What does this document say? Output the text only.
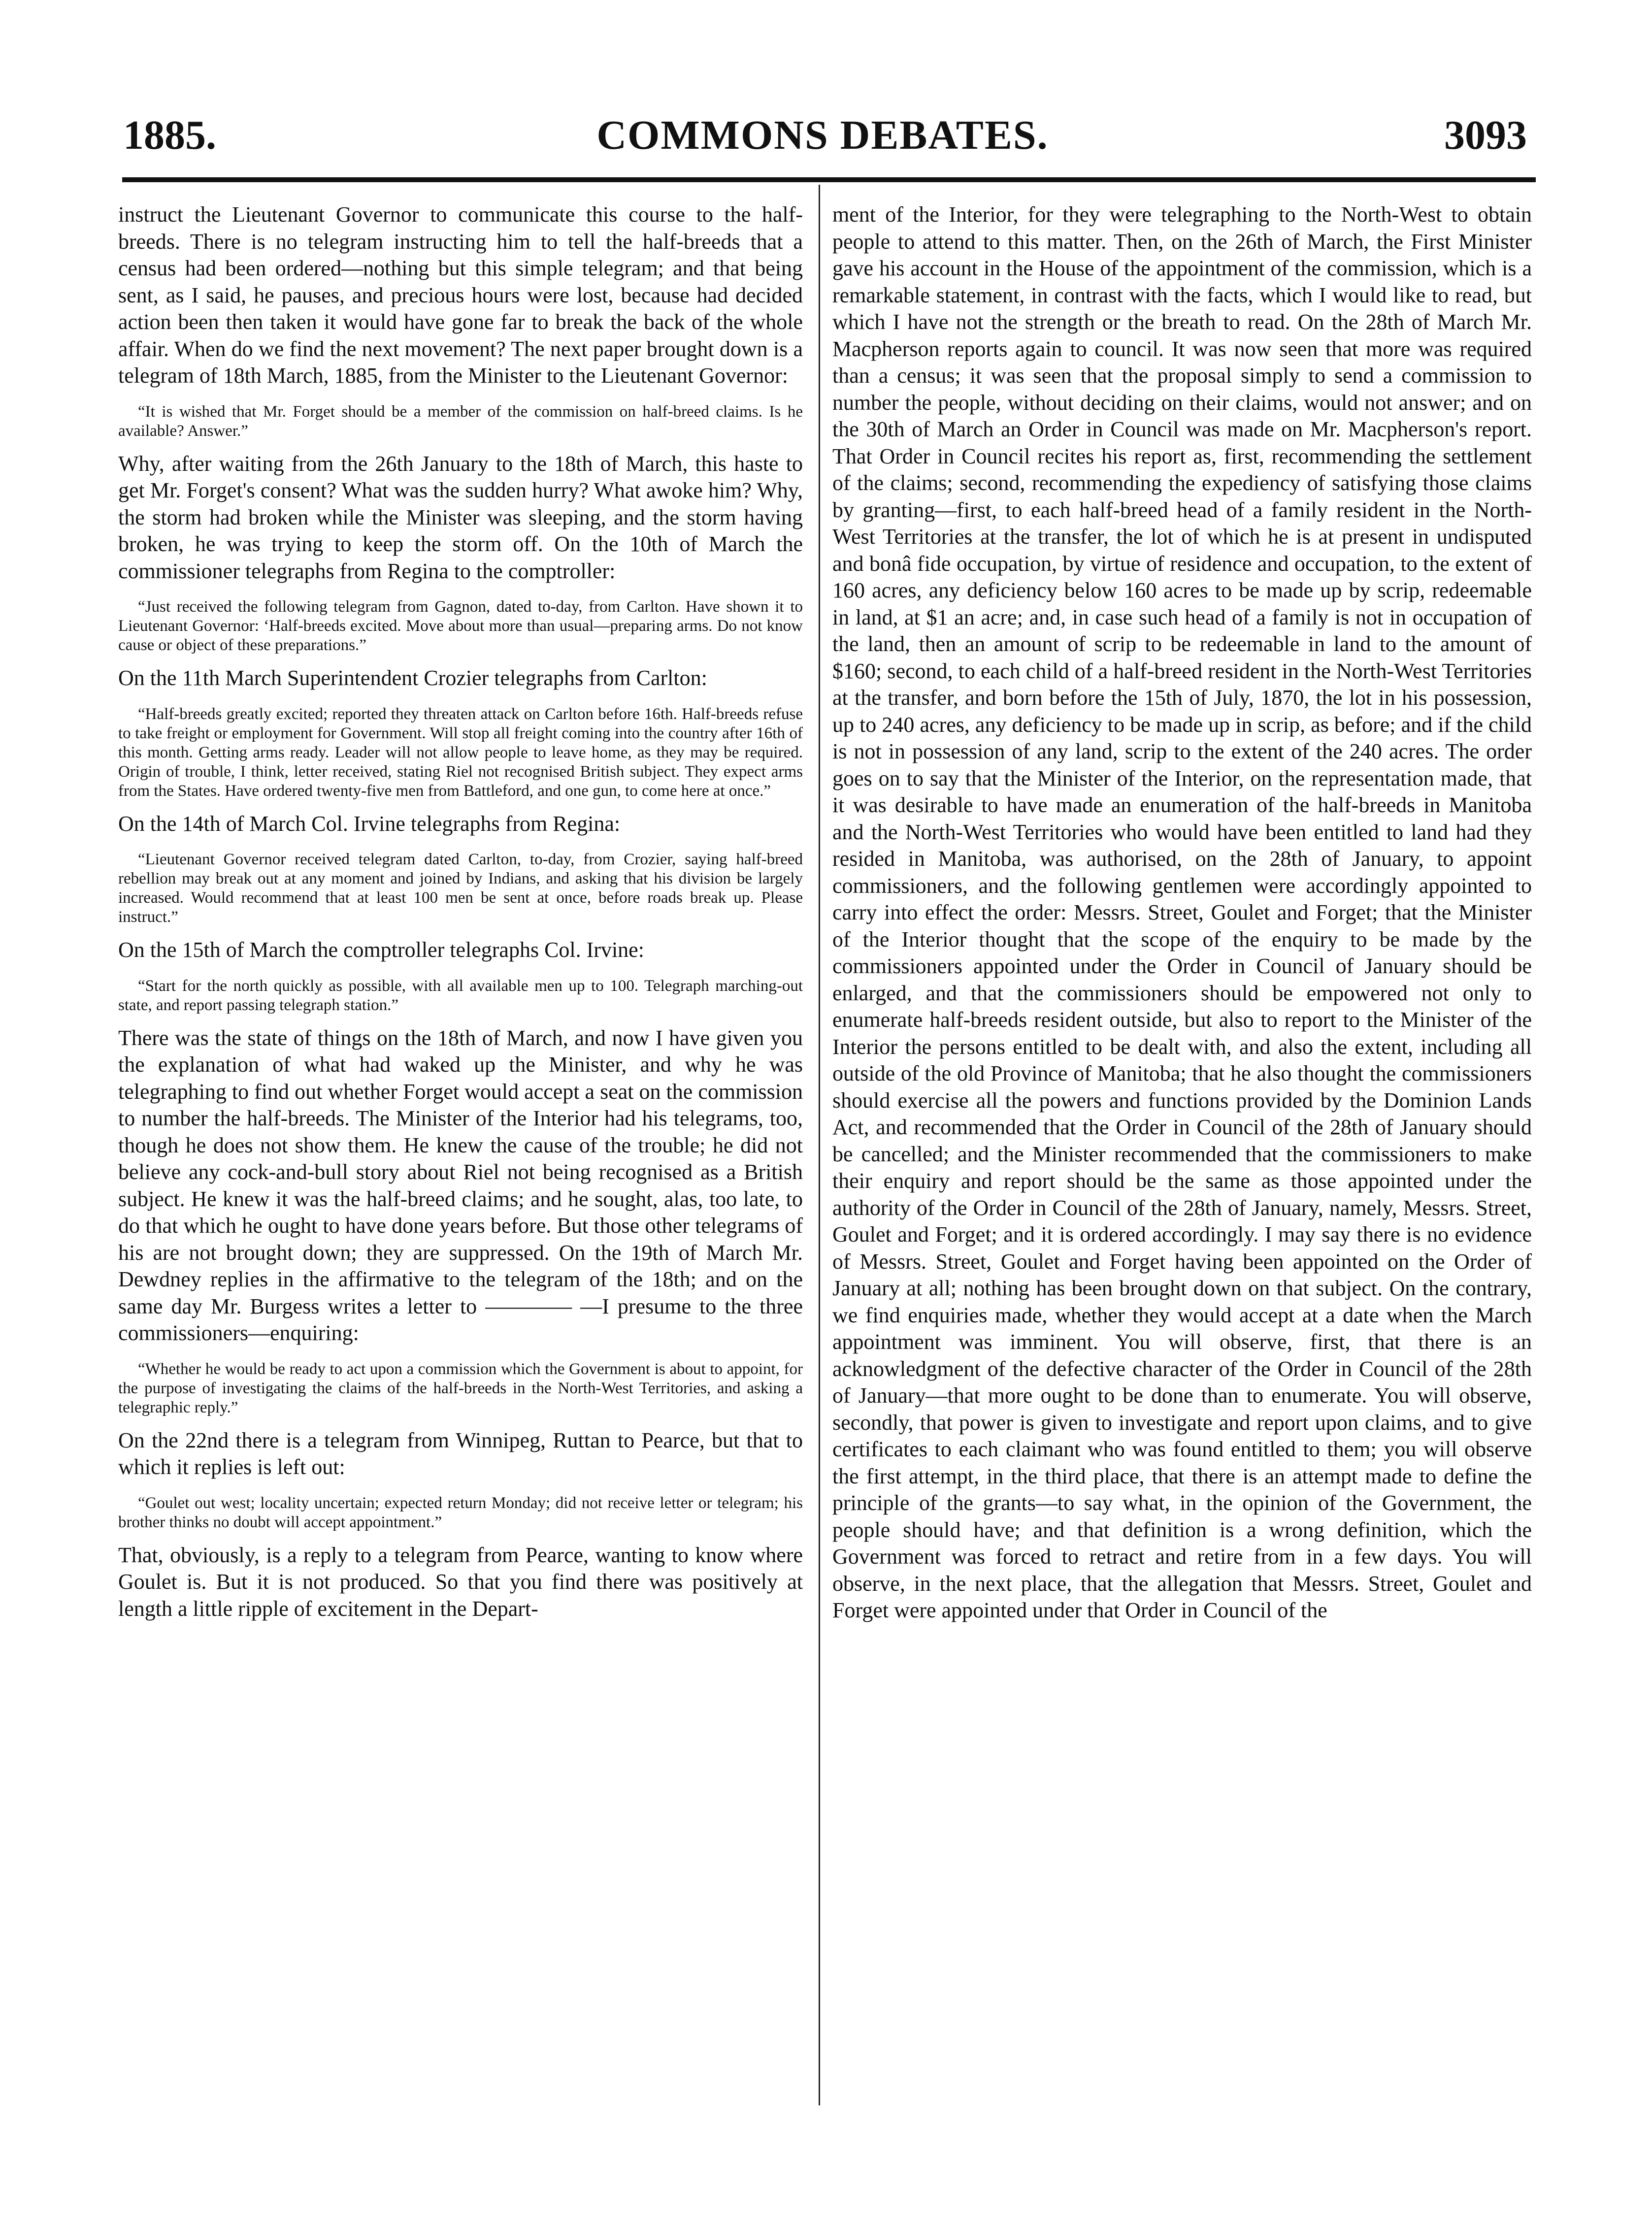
1885.	COMMONS DEBATES.	3093

instruct the Lieutenant Governor to communicate this course to the half-breeds. There is no telegram instructing him to tell the half-breeds that a census had been ordered—nothing but this simple telegram; and that being sent, as I said, he pauses, and precious hours were lost, because had decided action been then taken it would have gone far to break the back of the whole affair. When do we find the next movement? The next paper brought down is a telegram of 18th March, 1885, from the Minister to the Lieutenant Governor:

“It is wished that Mr. Forget should be a member of the commission on half-breed claims. Is he available? Answer.”

Why, after waiting from the 26th January to the 18th of March, this haste to get Mr. Forget's consent? What was the sudden hurry? What awoke him? Why, the storm had broken while the Minister was sleeping, and the storm having broken, he was trying to keep the storm off. On the 10th of March the commissioner telegraphs from Regina to the comptroller:

“Just received the following telegram from Gagnon, dated to-day, from Carlton. Have shown it to Lieutenant Governor: ‘Half-breeds excited. Move about more than usual—preparing arms. Do not know cause or object of these preparations.”

On the 11th March Superintendent Crozier telegraphs from Carlton:

“Half-breeds greatly excited; reported they threaten attack on Carlton before 16th. Half-breeds refuse to take freight or employment for Government. Will stop all freight coming into the country after 16th of this month. Getting arms ready. Leader will not allow people to leave home, as they may be required. Origin of trouble, I think, letter received, stating Riel not recognised British subject. They expect arms from the States. Have ordered twenty-five men from Battleford, and one gun, to come here at once.”

On the 14th of March Col. Irvine telegraphs from Regina:

“Lieutenant Governor received telegram dated Carlton, to-day, from Crozier, saying half-breed rebellion may break out at any moment and joined by Indians, and asking that his division be largely increased. Would recommend that at least 100 men be sent at once, before roads break up. Please instruct.”

On the 15th of March the comptroller telegraphs Col. Irvine:

“Start for the north quickly as possible, with all available men up to 100. Telegraph marching-out state, and report passing telegraph station.”

There was the state of things on the 18th of March, and now I have given you the explanation of what had waked up the Minister, and why he was telegraphing to find out whether Forget would accept a seat on the commission to number the half-breeds. The Minister of the Interior had his telegrams, too, though he does not show them. He knew the cause of the trouble; he did not believe any cock-and-bull story about Riel not being recognised as a British subject. He knew it was the half-breed claims; and he sought, alas, too late, to do that which he ought to have done years before. But those other telegrams of his are not brought down; they are suppressed. On the 19th of March Mr. Dewdney replies in the affirmative to the telegram of the 18th; and on the same day Mr. Burgess writes a letter to ———— —I presume to the three commissioners—enquiring:

“Whether he would be ready to act upon a commission which the Government is about to appoint, for the purpose of investigating the claims of the half-breeds in the North-West Territories, and asking a telegraphic reply.”

On the 22nd there is a telegram from Winnipeg, Ruttan to Pearce, but that to which it replies is left out:

“Goulet out west; locality uncertain; expected return Monday; did not receive letter or telegram; his brother thinks no doubt will accept appointment.”

That, obviously, is a reply to a telegram from Pearce, wanting to know where Goulet is. But it is not produced. So that you find there was positively at length a little ripple of excitement in the Depart-

ment of the Interior, for they were telegraphing to the North-West to obtain people to attend to this matter. Then, on the 26th of March, the First Minister gave his account in the House of the appointment of the commission, which is a remarkable statement, in contrast with the facts, which I would like to read, but which I have not the strength or the breath to read. On the 28th of March Mr. Macpherson reports again to council. It was now seen that more was required than a census; it was seen that the proposal simply to send a commission to number the people, without deciding on their claims, would not answer; and on the 30th of March an Order in Council was made on Mr. Macpherson's report. That Order in Council recites his report as, first, recommending the settlement of the claims; second, recommending the expediency of satisfying those claims by granting—first, to each half-breed head of a family resident in the North-West Territories at the transfer, the lot of which he is at present in undisputed and bonâ fide occupation, by virtue of residence and occupation, to the extent of 160 acres, any deficiency below 160 acres to be made up by scrip, redeemable in land, at $1 an acre; and, in case such head of a family is not in occupation of the land, then an amount of scrip to be redeemable in land to the amount of $160; second, to each child of a half-breed resident in the North-West Territories at the transfer, and born before the 15th of July, 1870, the lot in his possession, up to 240 acres, any deficiency to be made up in scrip, as before; and if the child is not in possession of any land, scrip to the extent of the 240 acres. The order goes on to say that the Minister of the Interior, on the representation made, that it was desirable to have made an enumeration of the half-breeds in Manitoba and the North-West Territories who would have been entitled to land had they resided in Manitoba, was authorised, on the 28th of January, to appoint commissioners, and the following gentlemen were accordingly appointed to carry into effect the order: Messrs. Street, Goulet and Forget; that the Minister of the Interior thought that the scope of the enquiry to be made by the commissioners appointed under the Order in Council of January should be enlarged, and that the commissioners should be empowered not only to enumerate half-breeds resident outside, but also to report to the Minister of the Interior the persons entitled to be dealt with, and also the extent, including all outside of the old Province of Manitoba; that he also thought the commissioners should exercise all the powers and functions provided by the Dominion Lands Act, and recommended that the Order in Council of the 28th of January should be cancelled; and the Minister recommended that the commissioners to make their enquiry and report should be the same as those appointed under the authority of the Order in Council of the 28th of January, namely, Messrs. Street, Goulet and Forget; and it is ordered accordingly. I may say there is no evidence of Messrs. Street, Goulet and Forget having been appointed on the Order of January at all; nothing has been brought down on that subject. On the contrary, we find enquiries made, whether they would accept at a date when the March appointment was imminent. You will observe, first, that there is an acknowledgment of the defective character of the Order in Council of the 28th of January—that more ought to be done than to enumerate. You will observe, secondly, that power is given to investigate and report upon claims, and to give certificates to each claimant who was found entitled to them; you will observe the first attempt, in the third place, that there is an attempt made to define the principle of the grants—to say what, in the opinion of the Government, the people should have; and that definition is a wrong definition, which the Government was forced to retract and retire from in a few days. You will observe, in the next place, that the allegation that Messrs. Street, Goulet and Forget were appointed under that Order in Council of the
